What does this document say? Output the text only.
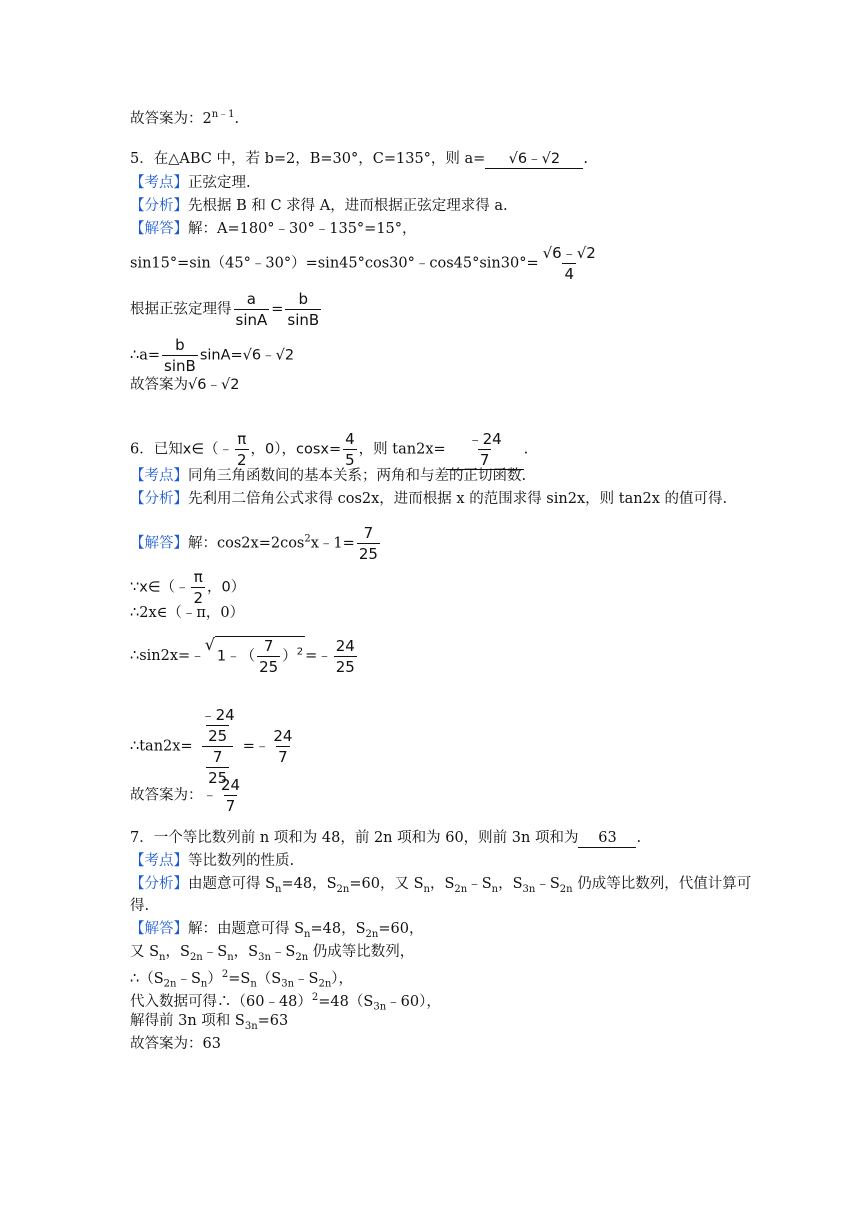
故答案为：$2^{n﹣1}$.
5．在△ABC 中，若 b=2，B=30°，C=135°，则 a= √6﹣√2 .
【考点】正弦定理.
【分析】先根据 B 和 C 求得 A，进而根据正弦定理求得 a.
【解答】解：A=180°﹣30°﹣135°=15°，
sin15°=sin（45°﹣30°）=sin45°cos30°﹣cos45°sin30°= $\frac{√6﹣√2}{4}$
根据正弦定理得 $\frac{a}{\sin A} = \frac{b}{\sin B}$
∴a= $\frac{b}{\sin B}$ sinA=√6﹣√2
故答案为√6﹣√2
6．已知x∈（﹣ $\frac{\pi}{2}$ ，0），$\cos x= \frac{4}{5}$ ，则 $\tan 2x= \frac{﹣24}{7}$ .
【考点】同角三角函数间的基本关系；两角和与差的正切函数.
【分析】先利用二倍角公式求得 cos2x，进而根据 x 的范围求得 sin2x，则 tan2x 的值可得.
【解答】解：$\cos 2x=2\cos^2x﹣1= \frac{7}{25}$
∵x∈（﹣ $\frac{\pi}{2}$ ，0）
∴2x∈（﹣π，0）
∴sin2x=﹣
√
1﹣（ $\frac{7}{25} )^2$ =﹣ $\frac{24}{25}$
∴tan2x= $\frac{\frac{﹣24}{25}}{\frac{7}{25}}$ =﹣ $\frac{24}{7}$
故答案为：﹣ $\frac{24}{7}$
7．一个等比数列前 n 项和为 48，前 2n 项和为 60，则前 3n 项和为 63 .
【考点】等比数列的性质.
【分析】由题意可得 $S_n=48$，$S_{2n}=60$，又 $S_n$，$S_{2n}﹣S_n$，$S_{3n}﹣S_{2n}$ 仍成等比数列，代值计算可
得.
【解答】解：由题意可得 $S_n=48$，$S_{2n}=60$，
又 $S_n$，$S_{2n}﹣S_n$，$S_{3n}﹣S_{2n}$ 仍成等比数列，
$\therefore(S_{2n}﹣S_n)^2=S_n(S_{3n}﹣S_{2n})$，
代入数据可得$\therefore(60﹣48)^2=48(S_{3n}﹣60)$，
解得前 3n 项和 $S_{3n}=63$
故答案为：63
